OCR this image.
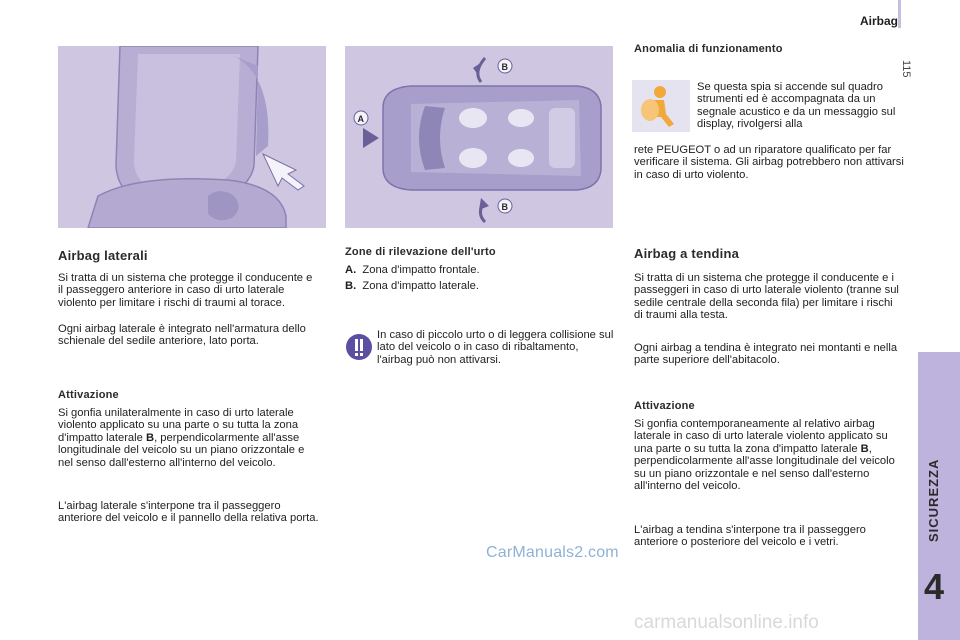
Airbag
115
SICUREZZA
4
A
B
B
Airbag laterali
Si tratta di un sistema che protegge il conducente e il passeggero anteriore in caso di urto laterale violento per limitare i rischi di traumi al torace.
Ogni airbag laterale è integrato nell'armatura dello schienale del sedile anteriore, lato porta.
Attivazione
Si gonfia unilateralmente in caso di urto laterale violento applicato su una parte o su tutta la zona d'impatto laterale B, perpendicolarmente all'asse longitudinale del veicolo su un piano orizzontale e nel senso dall'esterno all'interno del veicolo.
L'airbag laterale s'interpone tra il passeggero anteriore del veicolo e il pannello della relativa porta.
Zone di rilevazione dell'urto
A. Zona d'impatto frontale.
B. Zona d'impatto laterale.
In caso di piccolo urto o di leggera collisione sul lato del veicolo o in caso di ribaltamento, l'airbag può non attivarsi.
Anomalia di funzionamento
Se questa spia si accende sul quadro strumenti ed è accompagnata da un segnale acustico e da un messaggio sul display, rivolgersi alla
rete PEUGEOT o ad un riparatore qualificato per far verificare il sistema. Gli airbag potrebbero non attivarsi in caso di urto violento.
Airbag a tendina
Si tratta di un sistema che protegge il conducente e i passeggeri in caso di urto laterale violento (tranne sul sedile centrale della seconda fila) per limitare i rischi di traumi alla testa.
Ogni airbag a tendina è integrato nei montanti e nella parte superiore dell'abitacolo.
Attivazione
Si gonfia contemporaneamente al relativo airbag laterale in caso di urto laterale violento applicato su una parte o su tutta la zona d'impatto laterale B, perpendicolarmente all'asse longitudinale del veicolo su un piano orizzontale e nel senso dall'esterno all'interno del veicolo.
L'airbag a tendina s'interpone tra il passeggero anteriore o posteriore del veicolo e i vetri.
CarManuals2.com
carmanualsonline.info
